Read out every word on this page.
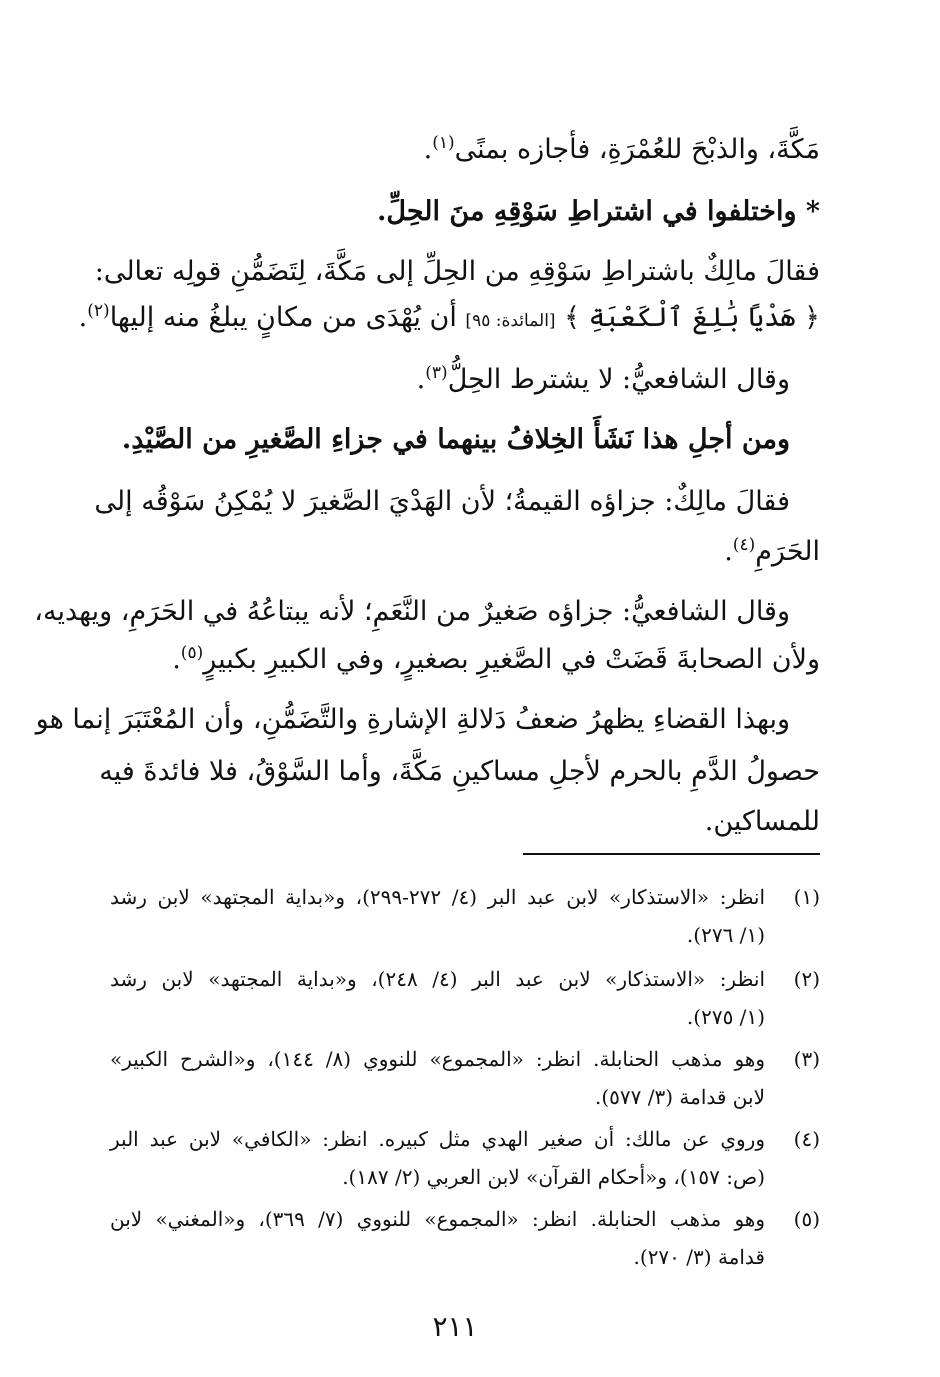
مَكَّةَ، والذبْحَ للعُمْرَةِ، فأجازه بمنًى$^{(١)}$.
* واختلفوا في اشتراطِ سَوْقِهِ منَ الحِلِّ.
فقالَ مالِكٌ باشتراطِ سَوْقِهِ من الحِلِّ إلى مَكَّةَ، لِتَضَمُّنِ قولِه تعالى:
﴿ هَدْيًا بَٰلِغَ ٱلْكَعْبَةِ ﴾ [المائدة: ٩٥] أن يُهْدَى من مكانٍ يبلغُ منه إليها$^{(٢)}$.
وقال الشافعيُّ: لا يشترط الحِلُّ$^{(٣)}$.
ومن أجلِ هذا نَشَأَ الخِلافُ بينهما في جزاءِ الصَّغيرِ من الصَّيْدِ.
فقالَ مالِكٌ: جزاؤه القيمةُ؛ لأن الهَدْيَ الصَّغيرَ لا يُمْكِنُ سَوْقُه إلى
الحَرَمِ$^{(٤)}$.
وقال الشافعيُّ: جزاؤه صَغيرٌ من النَّعَمِ؛ لأنه يبتاعُهُ في الحَرَمِ، ويهديه،
ولأن الصحابةَ قَضَتْ في الصَّغيرِ بصغيرٍ، وفي الكبيرِ بكبيرٍ$^{(٥)}$.
وبهذا القضاءِ يظهرُ ضعفُ دَلالةِ الإشارةِ والتَّضَمُّنِ، وأن المُعْتَبَرَ إنما هو
حصولُ الدَّمِ بالحرم لأجلِ مساكينِ مَكَّةَ، وأما السَّوْقُ، فلا فائدةَ فيه
للمساكين.
(١)
انظر: «الاستذكار» لابن عبد البر (٤/ ٢٧٢-٢٩٩)، و«بداية المجتهد» لابن رشد
(١/ ٢٧٦).
(٢)
انظر: «الاستذكار» لابن عبد البر (٤/ ٢٤٨)، و«بداية المجتهد» لابن رشد
(١/ ٢٧٥).
(٣)
وهو مذهب الحنابلة. انظر: «المجموع» للنووي (٨/ ١٤٤)، و«الشرح الكبير»
لابن قدامة (٣/ ٥٧٧).
(٤)
وروي عن مالك: أن صغير الهدي مثل كبيره. انظر: «الكافي» لابن عبد البر
(ص: ١٥٧)، و«أحكام القرآن» لابن العربي (٢/ ١٨٧).
(٥)
وهو مذهب الحنابلة. انظر: «المجموع» للنووي (٧/ ٣٦٩)، و«المغني» لابن
قدامة (٣/ ٢٧٠).
٢١١
